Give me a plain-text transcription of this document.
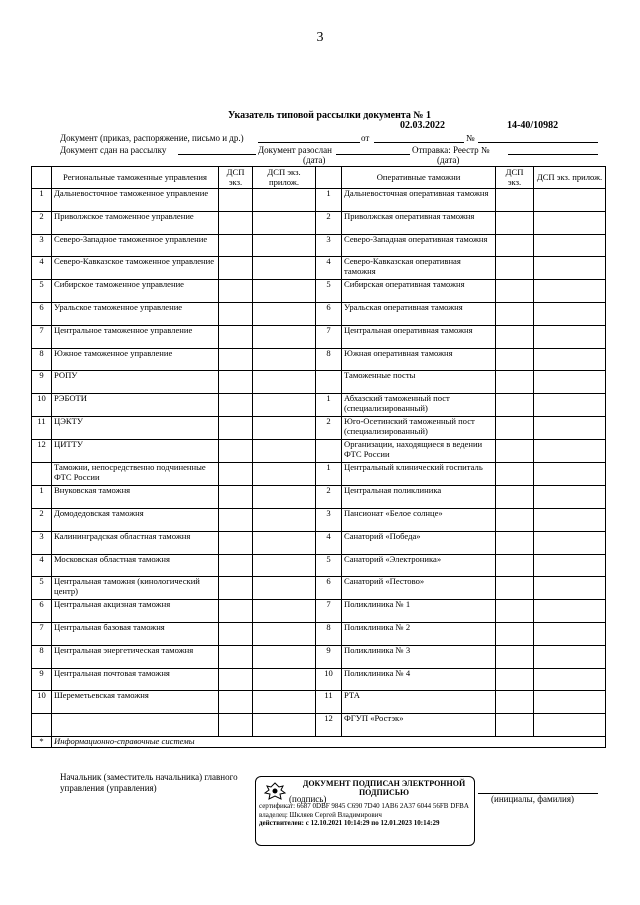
3
Указатель типовой рассылки документа № 1
02.03.2022	14-40/10982
Документ (приказ, распоряжение, письмо и др.)	от	№
Документ сдан на рассылку	Документ разослан	Отправка: Реестр №
(дата)	(дата)
	Региональные таможенные управления	ДСП экз.	ДСП экз. прилож.		Оперативные таможни	ДСП экз.	ДСП экз. прилож.
1	Дальневосточное таможенное управление			1	Дальневосточная оперативная таможня		
2	Приволжское таможенное управление			2	Приволжская оперативная таможня		
3	Северо-Западное таможенное управление			3	Северо-Западная оперативная таможня		
4	Северо-Кавказское таможенное управление			4	Северо-Кавказская оперативная таможня		
5	Сибирское таможенное управление			5	Сибирская оперативная таможня		
6	Уральское таможенное управление			6	Уральская оперативная таможня		
7	Центральное таможенное управление			7	Центральная оперативная таможня		
8	Южное таможенное управление			8	Южная оперативная таможня		
9	РОПУ				Таможенные посты		
10	РЭБОТИ			1	Абхазский таможенный пост (специализированный)		
11	ЦЭКТУ			2	Юго-Осетинский таможенный пост (специализированный)		
12	ЦИТТУ				Организации, находящиеся в ведении ФТС России		
	Таможни, непосредственно подчиненные ФТС России			1	Центральный клинический госпиталь		
1	Внуковская таможня			2	Центральная поликлиника		
2	Домодедовская таможня			3	Пансионат «Белое солнце»		
3	Калининградская областная таможня			4	Санаторий «Победа»		
4	Московская областная таможня			5	Санаторий «Электроника»		
5	Центральная таможня (кинологический центр)			6	Санаторий «Пестово»		
6	Центральная акцизная таможня			7	Поликлиника № 1		
7	Центральная базовая таможня			8	Поликлиника № 2		
8	Центральная энергетическая таможня			9	Поликлиника № 3		
9	Центральная почтовая таможня			10	Поликлиника № 4		
10	Шереметьевская таможня			11	РТА		
				12	ФГУП «Ростэк»		
*	Информационно-справочные системы						
Начальник (заместитель начальника) главного управления (управления)	ДОКУМЕНТ ПОДПИСАН ЭЛЕКТРОННОЙ ПОДПИСЬЮ
сертификат: 6687 0DBF 9845 C690 7D40 1AB6 2A37 6044 56FB DFBA
владелец: Шкляев Сергей Владимирович
действителен: с 12.10.2021 10:14:29 по 12.01.2023 10:14:29
(подпись)	(инициалы, фамилия)
